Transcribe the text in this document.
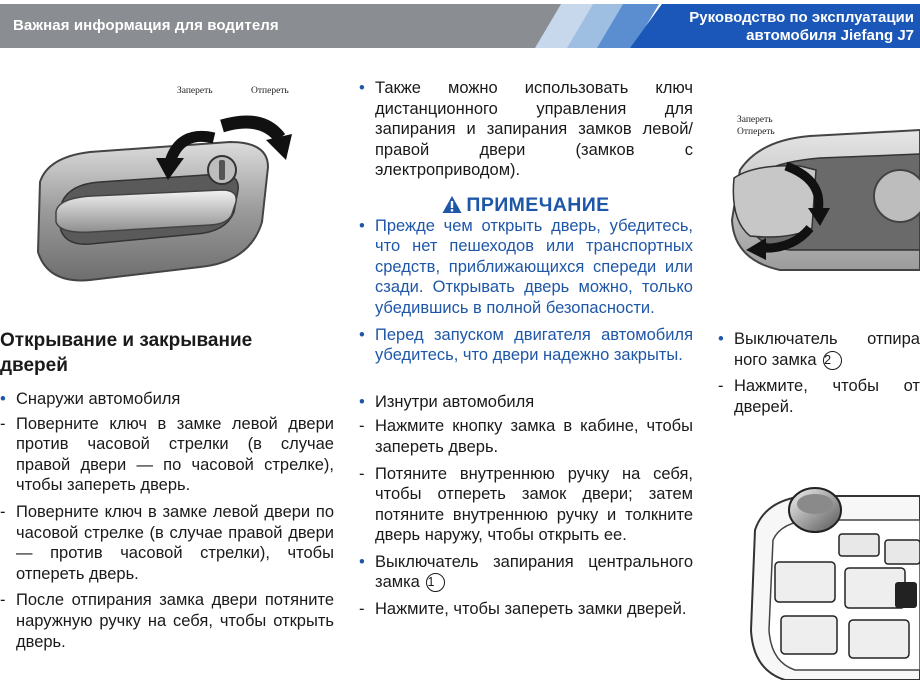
Важная информация для водителя	Руководство по эксплуатации
автомобиля Jiefang J7
Запереть	Отпереть

Открывание и закрывание

дверей

• Снаружи автомобиля
- Поверните ключ в замке левой двери против часовой стрелки (в случае правой двери — по часовой стрелке), чтобы запереть дверь.
- Поверните ключ в замке левой двери по часовой стрелке (в случае правой двери — против часовой стрелки), чтобы отпереть дверь.
- После отпирания замка двери потяните наружную ручку на себя, чтобы открыть дверь.
• Также можно использовать ключ дистанционного управления для запирания и запирания замков левой/правой двери (замков с электроприводом).

ПРИМЕЧАНИЕ

• Прежде чем открыть дверь, убедитесь, что нет пешеходов или транспортных средств, приближающихся спереди или сзади. Открывать дверь можно, только убедившись в полной безопасности.
• Перед запуском двигателя автомобиля убедитесь, что двери надежно закрыты.
• Изнутри автомобиля
- Нажмите кнопку замка в кабине, чтобы запереть дверь.
- Потяните внутреннюю ручку на себя, чтобы отпереть замок двери; затем потяните внутреннюю ручку и толкните дверь наружу, чтобы открыть ее.
• Выключатель запирания центрального замка 1
- Нажмите, чтобы запереть замки дверей.
Запереть
Отпереть
• Выключатель отпира ного замка 2
- Нажмите, чтобы от дверей.
